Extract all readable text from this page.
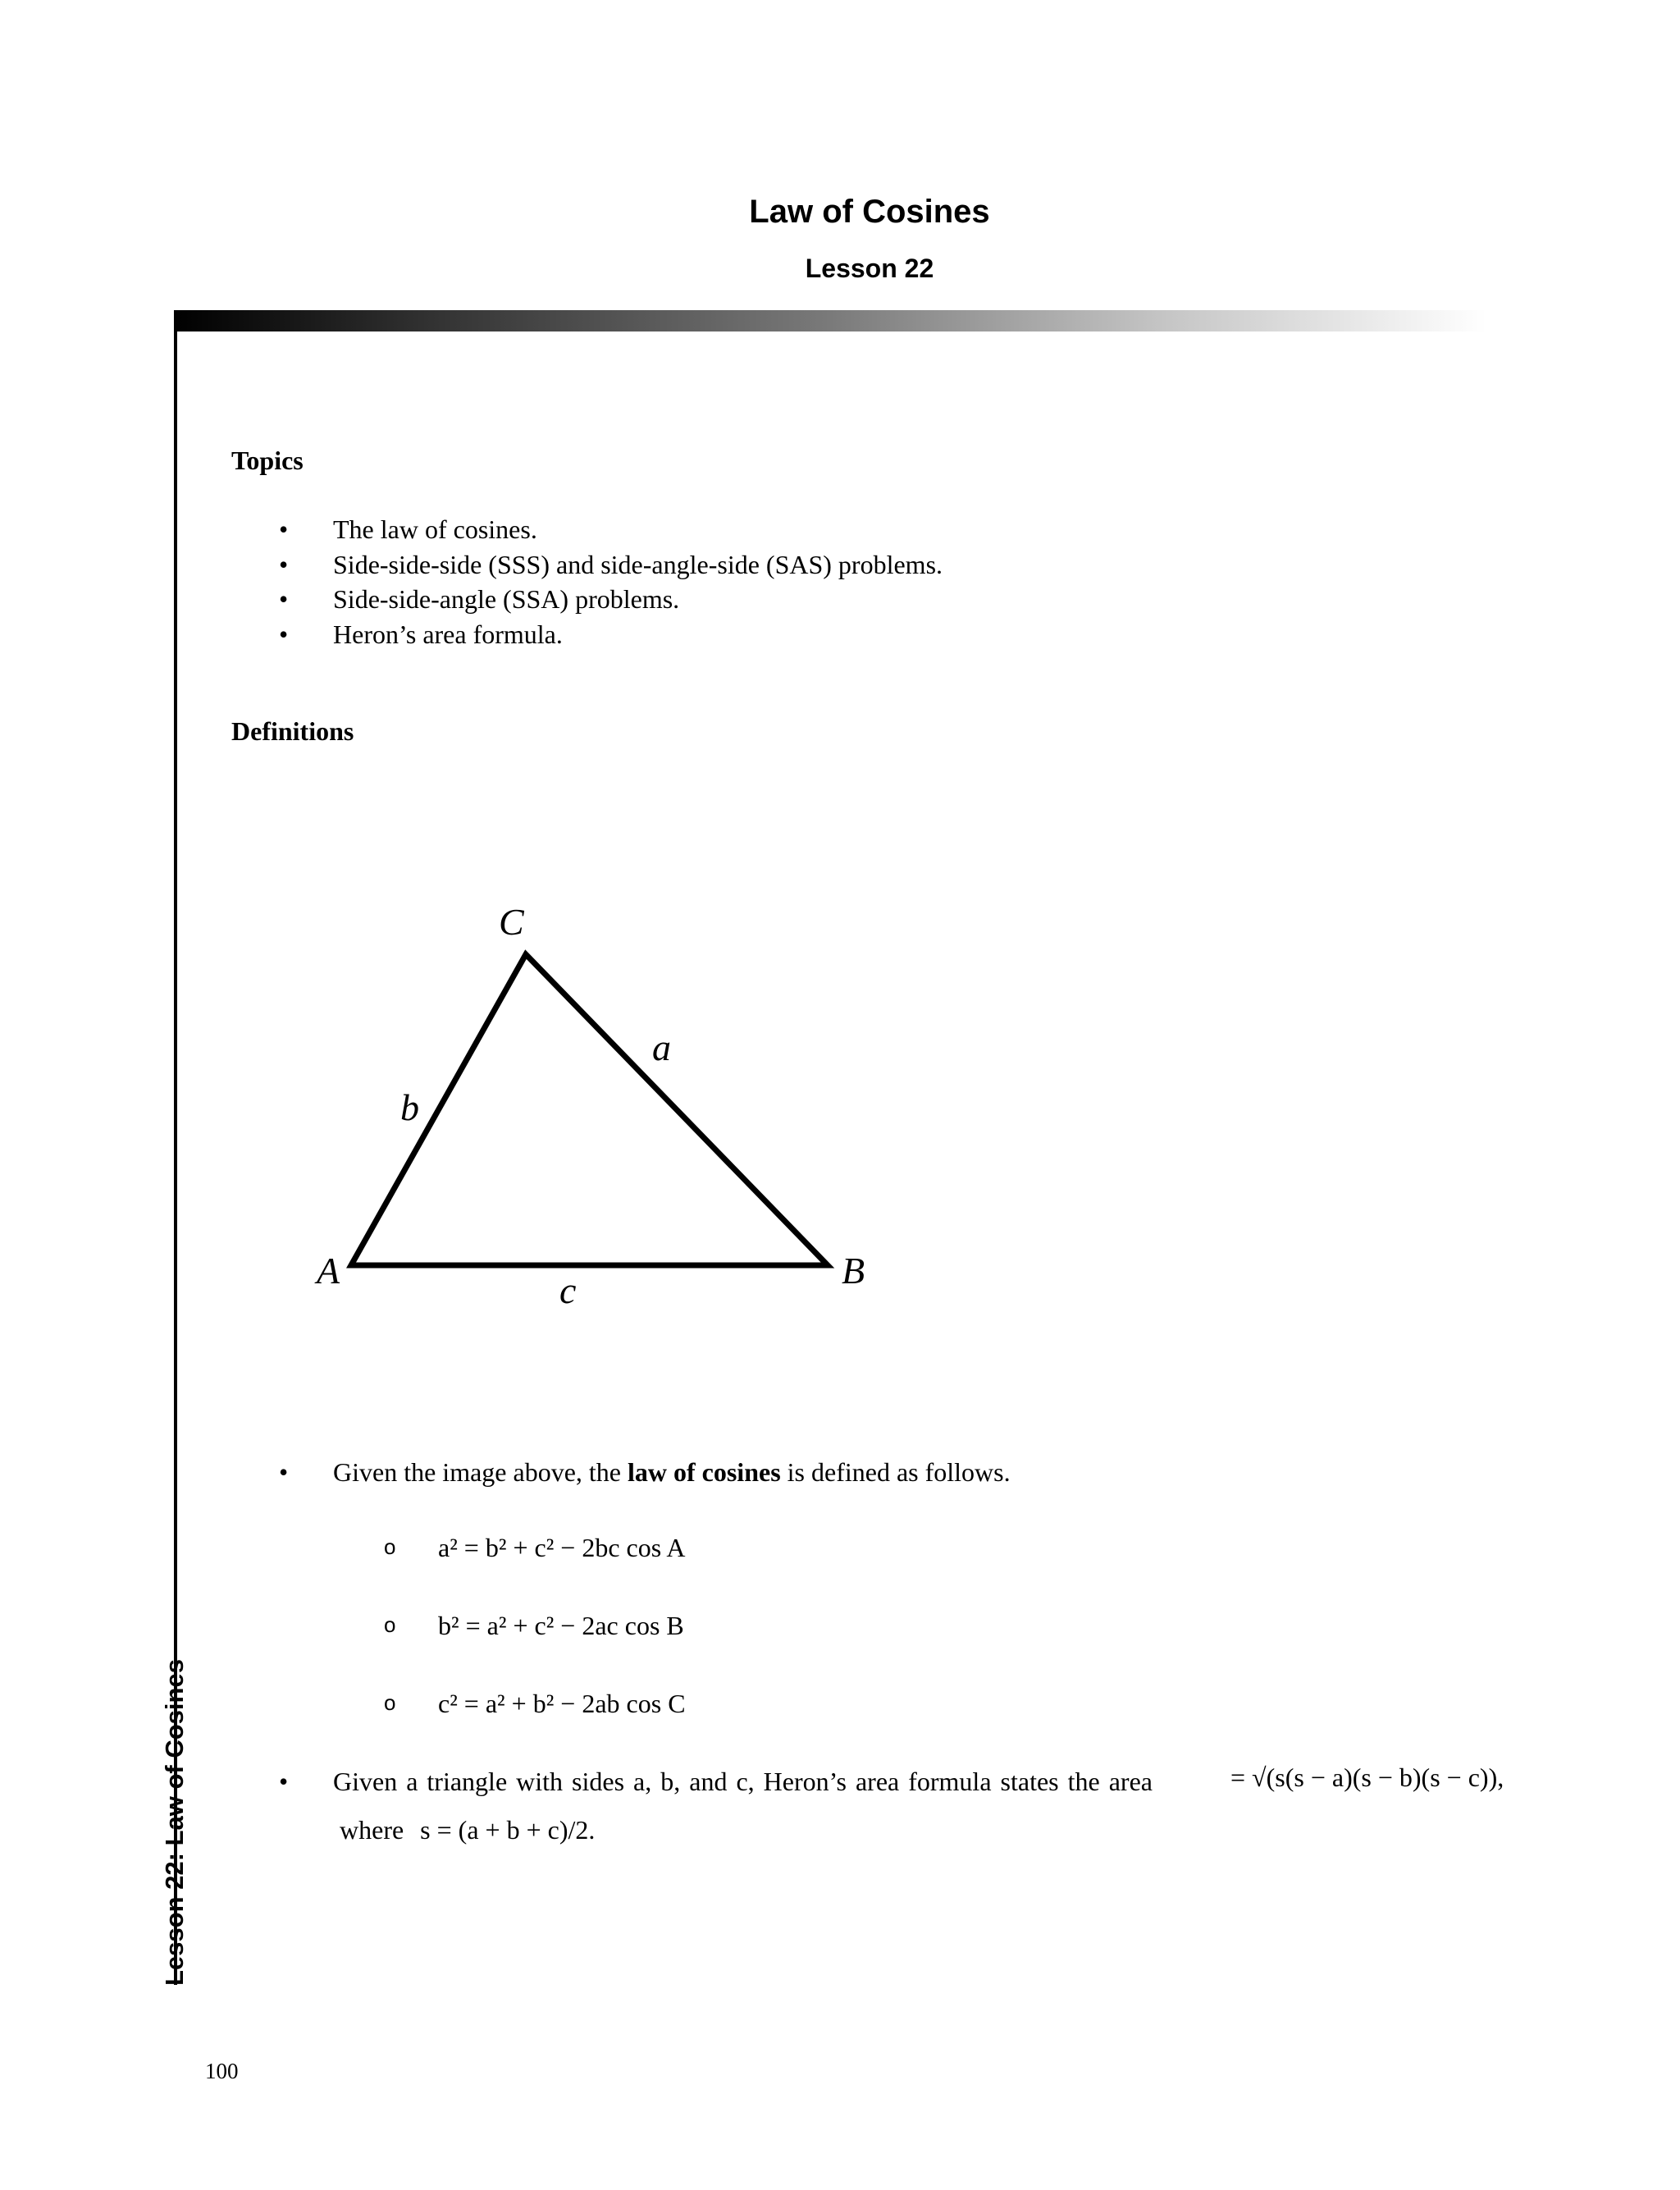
Law of Cosines
Lesson 22
Lesson 22: Law of Cosines
Topics
• The law of cosines.
• Side-side-side (SSS) and side-angle-side (SAS) problems.
• Side-side-angle (SSA) problems.
• Heron’s area formula.
Definitions
C
a
b
A	B
c
• Given the image above, the law of cosines is defined as follows.
o a² = b² + c² − 2bc cos A
o b² = a² + c² − 2ac cos B
o c² = a² + b² − 2ab cos C
• Given a triangle with sides a, b, and c, Heron’s area formula states the area	= √(s(s − a)(s − b)(s − c)),
where s = (a + b + c)/2.
100
